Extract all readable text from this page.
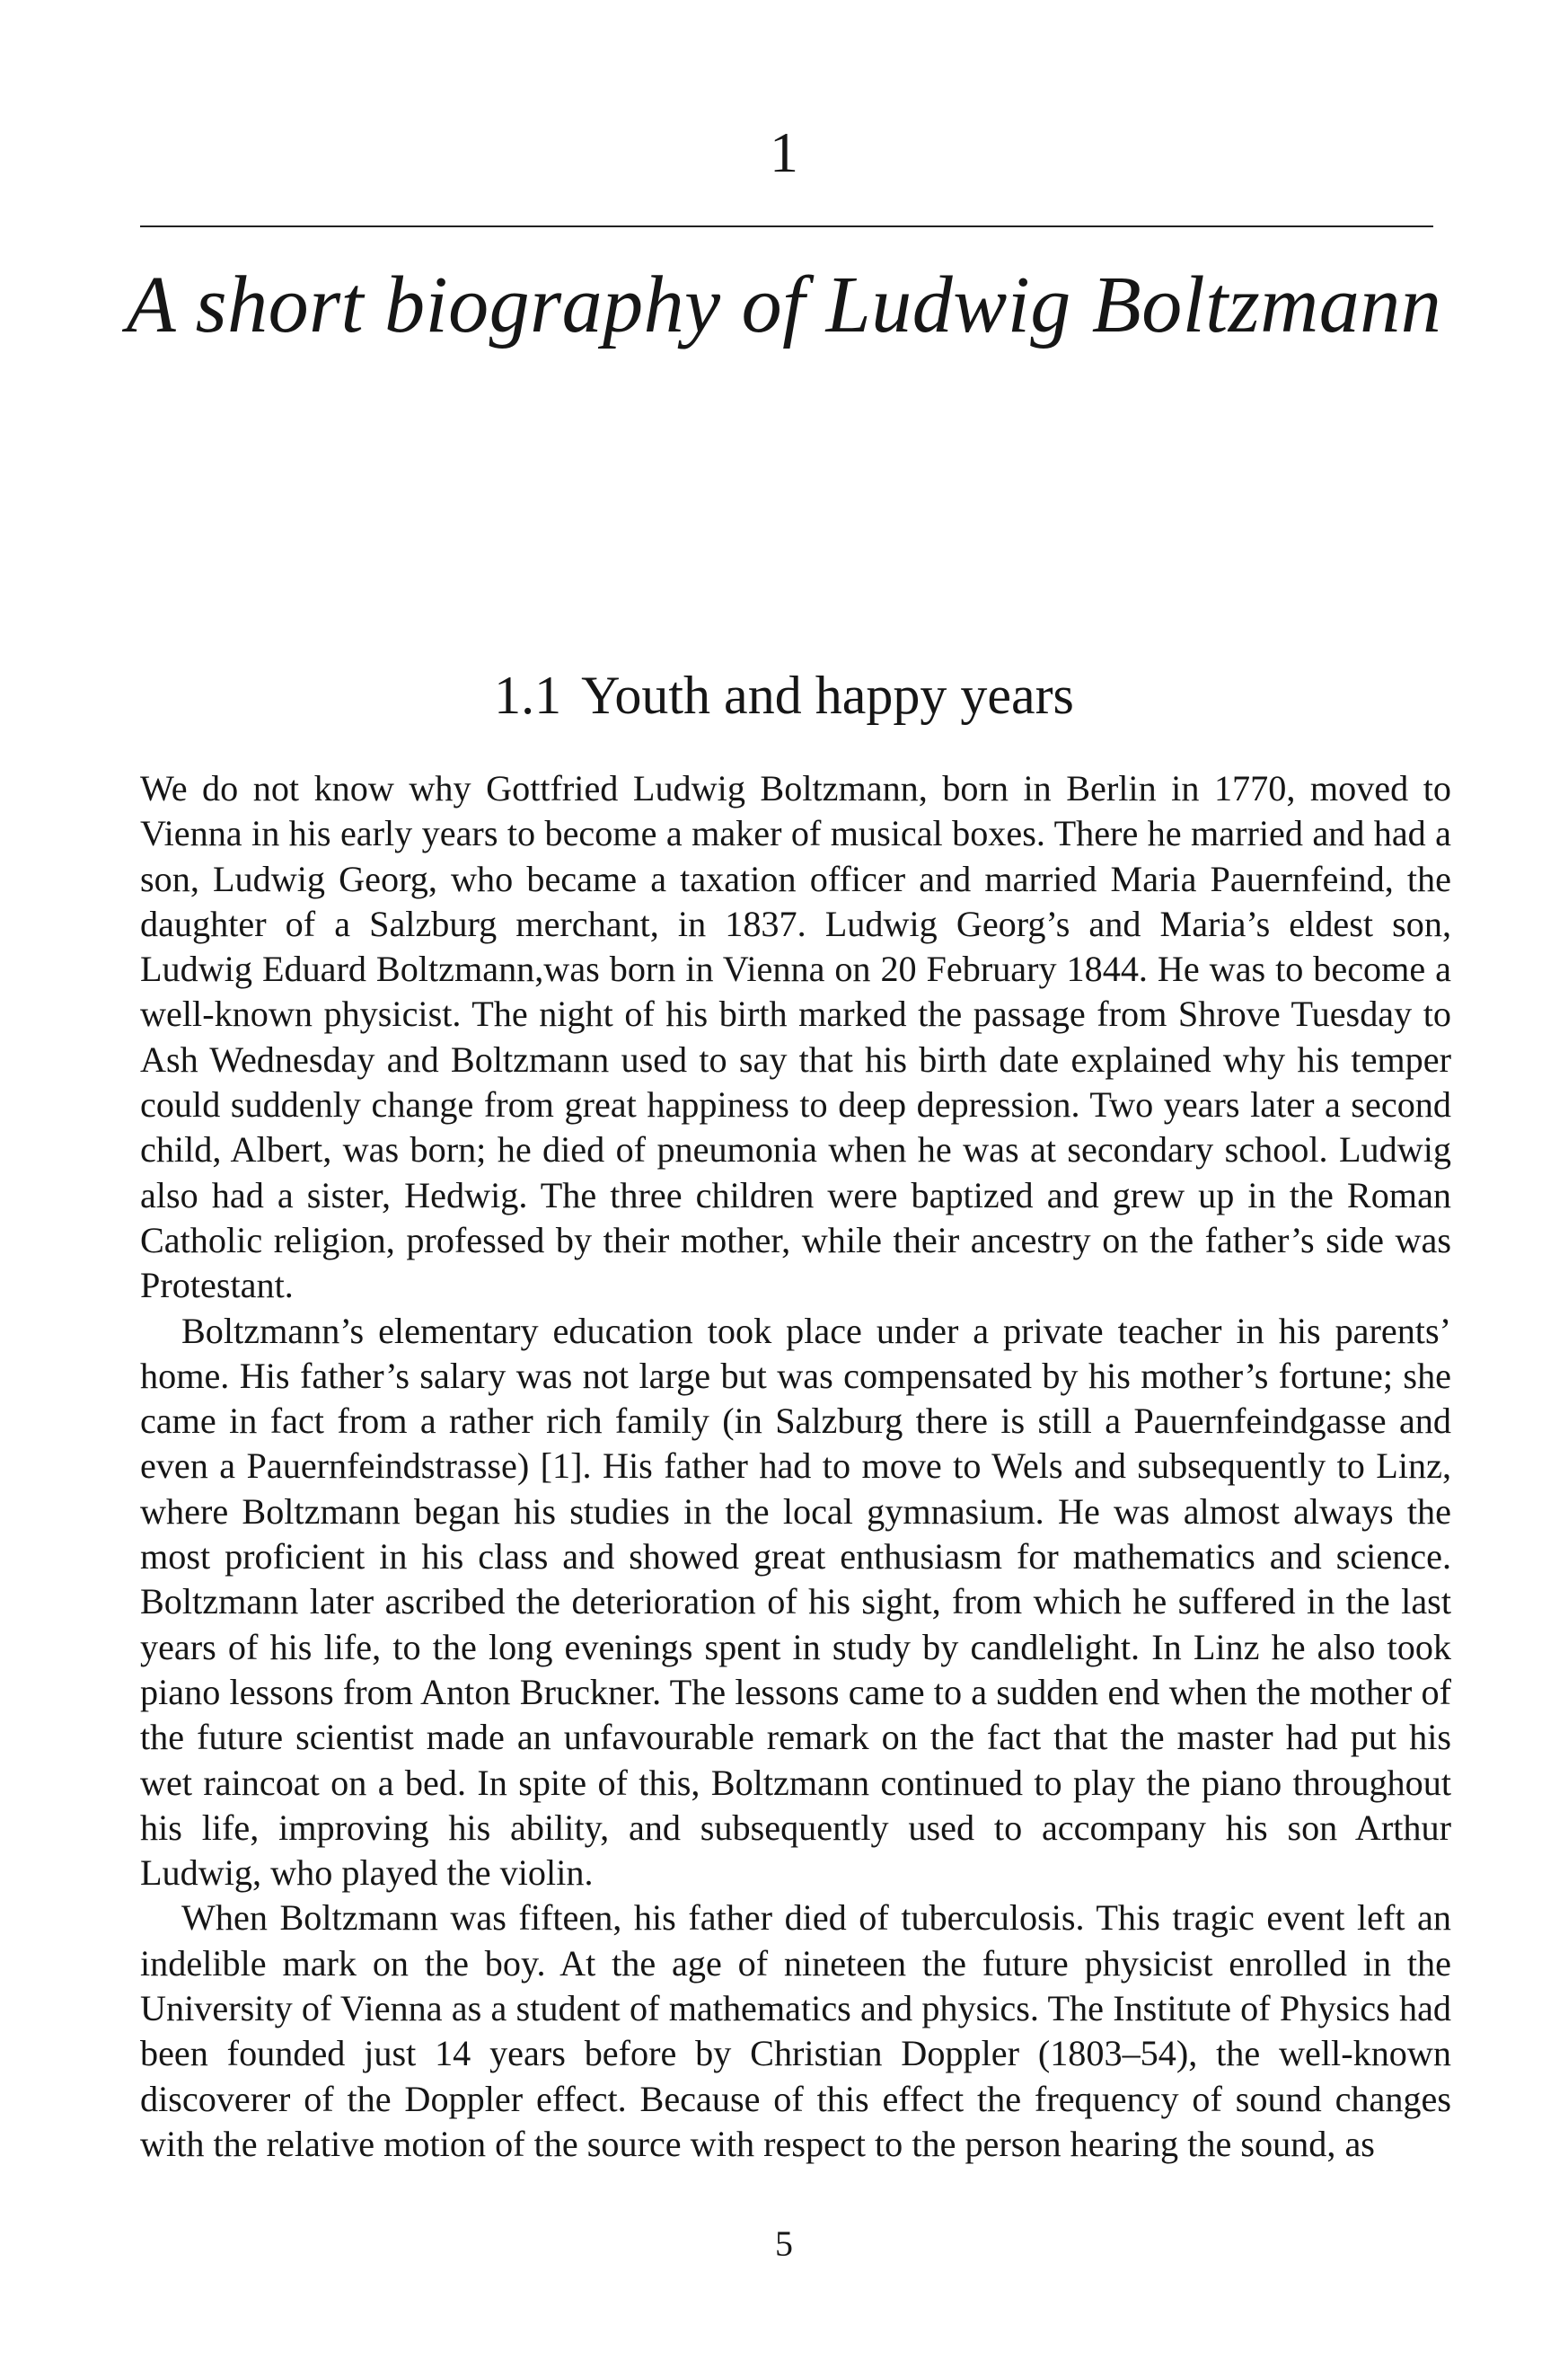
1
A short biography of Ludwig Boltzmann
1.1 Youth and happy years

We do not know why Gottfried Ludwig Boltzmann, born in Berlin in 1770, moved to Vienna in his early years to become a maker of musical boxes. There he married and had a son, Ludwig Georg, who became a taxation officer and married Maria Pauernfeind, the daughter of a Salzburg merchant, in 1837. Ludwig Georg’s and Maria’s eldest son, Ludwig Eduard Boltzmann,was born in Vienna on 20 February 1844. He was to become a well-known physicist. The night of his birth marked the passage from Shrove Tuesday to Ash Wednesday and Boltzmann used to say that his birth date explained why his temper could suddenly change from great happiness to deep depression. Two years later a second child, Albert, was born; he died of pneumonia when he was at secondary school. Ludwig also had a sister, Hedwig. The three children were baptized and grew up in the Roman Catholic religion, professed by their mother, while their ancestry on the father’s side was Protestant.

Boltzmann’s elementary education took place under a private teacher in his parents’ home. His father’s salary was not large but was compensated by his mother’s fortune; she came in fact from a rather rich family (in Salzburg there is still a Pauernfeindgasse and even a Pauernfeindstrasse) [1]. His father had to move to Wels and subsequently to Linz, where Boltzmann began his studies in the local gymnasium. He was almost always the most proficient in his class and showed great enthusiasm for mathematics and science. Boltzmann later ascribed the deterioration of his sight, from which he suffered in the last years of his life, to the long evenings spent in study by candlelight. In Linz he also took piano lessons from Anton Bruckner. The lessons came to a sudden end when the mother of the future scientist made an unfavourable remark on the fact that the master had put his wet raincoat on a bed. In spite of this, Boltzmann continued to play the piano throughout his life, improving his ability, and subsequently used to accompany his son Arthur Ludwig, who played the violin.

When Boltzmann was fifteen, his father died of tuberculosis. This tragic event left an indelible mark on the boy. At the age of nineteen the future physicist enrolled in the University of Vienna as a student of mathematics and physics. The Institute of Physics had been founded just 14 years before by Christian Doppler (1803–54), the well-known discoverer of the Doppler effect. Because of this effect the frequency of sound changes with the relative motion of the source with respect to the person hearing the sound, as

5
